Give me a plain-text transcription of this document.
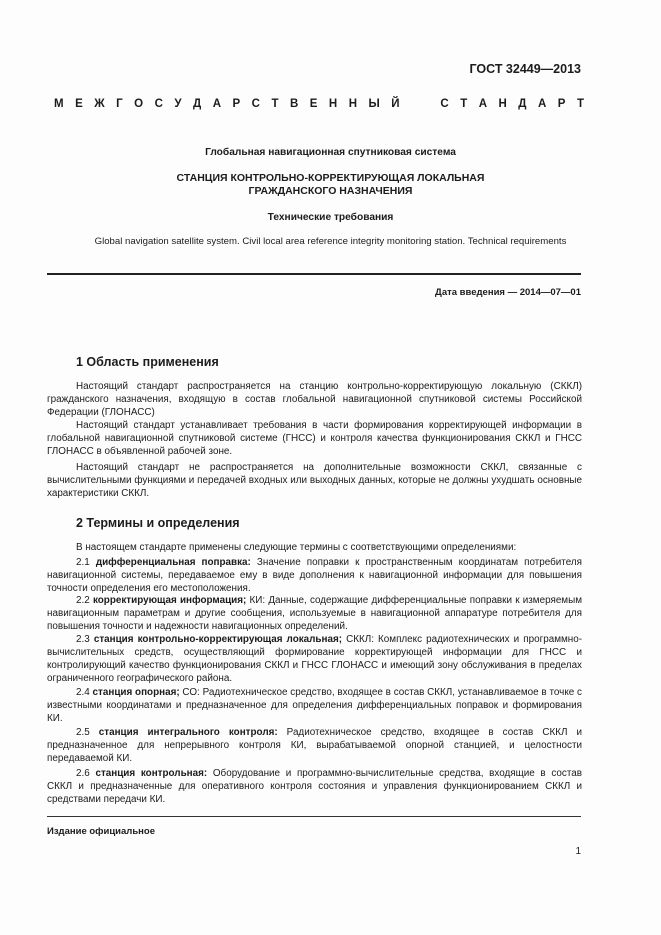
ГОСТ 32449—2013
М Е Ж Г О С У Д А Р С Т В Е Н Н Ы Й

	С Т А Н Д А Р Т
Глобальная навигационная спутниковая система
СТАНЦИЯ КОНТРОЛЬНО-КОРРЕКТИРУЮЩАЯ ЛОКАЛЬНАЯ
ГРАЖДАНСКОГО НАЗНАЧЕНИЯ
Технические требования
Global navigation satellite system. Civil local area reference integrity monitoring station. Technical requirements
Дата введения — 2014—07—01
1 Область применения
Настоящий стандарт распространяется на станцию контрольно-корректирующую локальную (СККЛ) гражданского назначения, входящую в состав глобальной навигационной спутниковой системы Российской Федерации (ГЛОНАСС)
Настоящий стандарт устанавливает требования в части формирования корректирующей информации в глобальной навигационной спутниковой системе (ГНСС) и контроля качества функционирования СККЛ и ГНСС ГЛОНАСС в объявленной рабочей зоне.
Настоящий стандарт не распространяется на дополнительные возможности СККЛ, связанные с вычислительными функциями и передачей входных или выходных данных, которые не должны ухудшать основные характеристики СККЛ.
2 Термины и определения
В настоящем стандарте применены следующие термины с соответствующими определениями:
2.1 дифференциальная поправка: Значение поправки к пространственным координатам потребителя навигационной системы, передаваемое ему в виде дополнения к навигационной информации для повышения точности определения его местоположения.
2.2 корректирующая информация; КИ: Данные, содержащие дифференциальные поправки к измеряемым навигационным параметрам и другие сообщения, используемые в навигационной аппаратуре потребителя для повышения точности и надежности навигационных определений.
2.3 станция контрольно-корректирующая локальная; СККЛ: Комплекс радиотехнических и программно-вычислительных средств, осуществляющий формирование корректирующей информации для ГНСС и контролирующий качество функционирования СККЛ и ГНСС ГЛОНАСС и имеющий зону обслуживания в пределах ограниченного географического района.
2.4 станция опорная; СО: Радиотехническое средство, входящее в состав СККЛ, устанавливаемое в точке с известными координатами и предназначенное для определения дифференциальных поправок и формирования КИ.
2.5 станция интегрального контроля: Радиотехническое средство, входящее в состав СККЛ и предназначенное для непрерывного контроля КИ, вырабатываемой опорной станцией, и целостности передаваемой КИ.
2.6 станция контрольная: Оборудование и программно-вычислительные средства, входящие в состав СККЛ и предназначенные для оперативного контроля состояния и управления функционированием СККЛ и средствами передачи КИ.
Издание официальное
1
